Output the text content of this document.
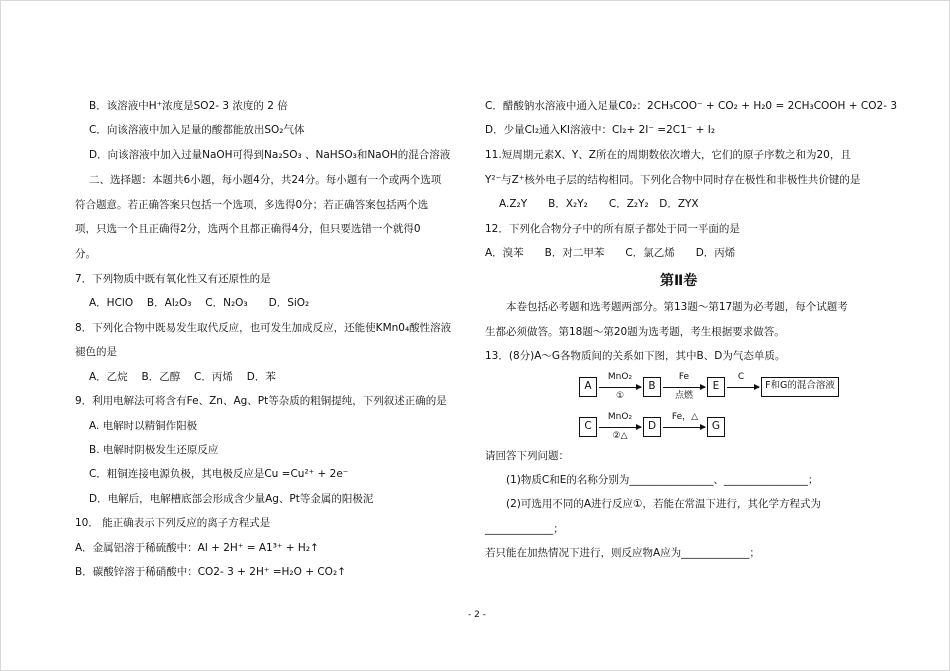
B．该溶液中H⁺浓度是SO2- 3 浓度的 2 倍
C．向该溶液中加入足量的酸都能放出SO₂气体
D．向该溶液中加入过量NaOH可得到Na₂SO₃ 、NaHSO₃和NaOH的混合溶液
二、选择题：本题共6小题，每小题4分，共24分。每小题有一个或两个选项
符合题意。若正确答案只包括一个选项，多选得0分；若正确答案包括两个选
项，只选一个且正确得2分，选两个且都正确得4分，但只要选错一个就得0
分。
7．下列物质中既有氧化性又有还原性的是
A．HClO　 B．Al₂O₃　 C．N₂O₃　　D．SiO₂
8．下列化合物中既易发生取代反应，也可发生加成反应，还能使KMn0₄酸性溶液
褪色的是
A．乙烷　 B．乙醇　 C．丙烯　 D．苯
9．利用电解法可将含有Fe、Zn、Ag、Pt等杂质的粗铜提纯，下列叙述正确的是
A. 电解时以精铜作阳极
B. 电解时阴极发生还原反应
C．粗铜连接电源负极，其电极反应是Cu =Cu²⁺ + 2e⁻
D．电解后，电解槽底部会形成含少量Ag、Pt等金属的阳极泥
10． 能正确表示下列反应的离子方程式是
A．金属铝溶于稀硫酸中：Al + 2H⁺ = A1³⁺ + H₂↑
B．碳酸锌溶于稀硝酸中：CO2- 3 + 2H⁺ =H₂O + CO₂↑
C．醋酸钠水溶液中通入足量C0₂：2CH₃COO⁻ + CO₂ + H₂0 = 2CH₃COOH + CO2- 3
D．少量Cl₂通入KI溶液中：Cl₂+ 2I⁻ =2C1⁻ + I₂
11.短周期元素X、Y、Z所在的周期数依次增大，它们的原子序数之和为20，且
Y²⁻与Z⁺核外电子层的结构相同。下列化合物中同时存在极性和非极性共价键的是
A.Z₂Y　　B．X₂Y₂　　C．Z₂Y₂　D．ZYX
12．下列化合物分子中的所有原子都处于同一平面的是
A．溴苯　　B．对二甲苯　　C．氯乙烯　　D．丙烯
第Ⅱ卷
本卷包括必考题和选考题两部分。第13题～第17题为必考题，每个试题考
生都必须做答。第18题～第20题为选考题，考生根据要求做答。
13．(8分)A～G各物质间的关系如下图，其中B、D为气态单质。
A
MnO₂
①
B
Fe
点燃
E
C
F和G的混合溶液
C
MnO₂
②△
D
Fe，△
G
请回答下列问题：
(1)物质C和E的名称分别为________________、________________；
(2)可选用不同的A进行反应①，若能在常温下进行，其化学方程式为
_____________；
若只能在加热情况下进行，则反应物A应为_____________；
- 2 -
